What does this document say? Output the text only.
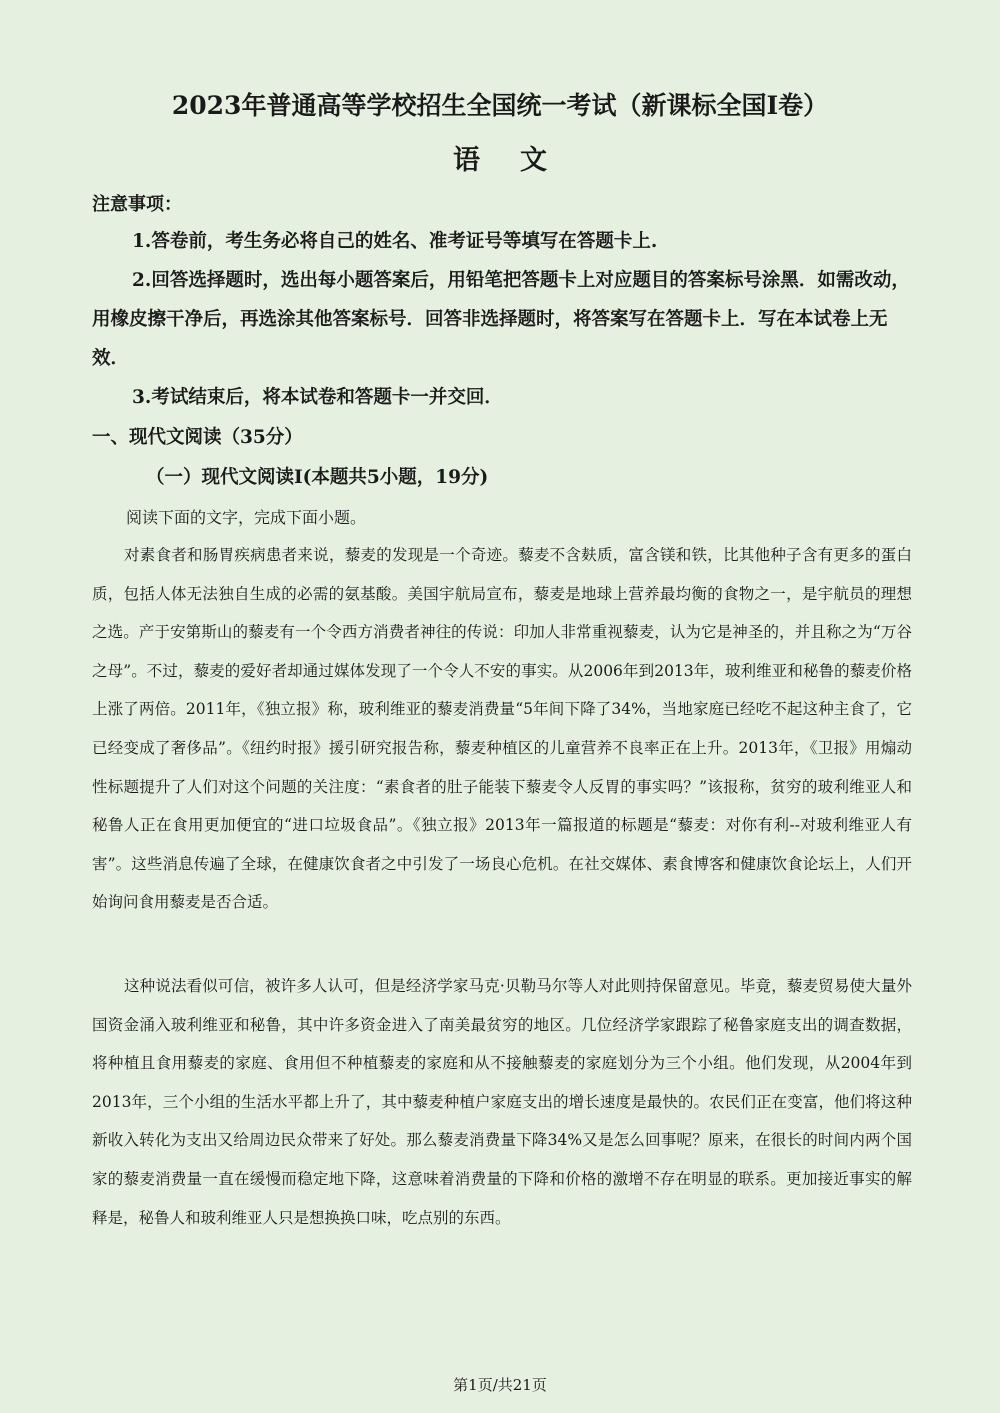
2023年普通高等学校招生全国统一考试（新课标全国Ⅰ卷）
语文
注意事项：

1.答卷前，考生务必将自己的姓名、准考证号等填写在答题卡上.

2.回答选择题时，选出每小题答案后，用铅笔把答题卡上对应题目的答案标号涂黑．如需改动，用橡皮擦干净后，再选涂其他答案标号．回答非选择题时，将答案写在答题卡上．写在本试卷上无效．

3.考试结束后，将本试卷和答题卡一并交回．

一、现代文阅读（35分）
（一）现代文阅读Ⅰ(本题共5小题，19分)
阅读下面的文字，完成下面小题。

对素食者和肠胃疾病患者来说，藜麦的发现是一个奇迹。藜麦不含麸质，富含镁和铁，比其他种子含有更多的蛋白质，包括人体无法独自生成的必需的氨基酸。美国宇航局宣布，藜麦是地球上营养最均衡的食物之一，是宇航员的理想之选。产于安第斯山的藜麦有一个令西方消费者神往的传说：印加人非常重视藜麦，认为它是神圣的，并且称之为“万谷之母”。不过，藜麦的爱好者却通过媒体发现了一个令人不安的事实。从2006年到2013年，玻利维亚和秘鲁的藜麦价格上涨了两倍。2011年，《独立报》称，玻利维亚的藜麦消费量“5年间下降了34%，当地家庭已经吃不起这种主食了，它已经变成了奢侈品”。《纽约时报》援引研究报告称，藜麦种植区的儿童营养不良率正在上升。2013年，《卫报》用煽动性标题提升了人们对这个问题的关注度：“素食者的肚子能装下藜麦令人反胃的事实吗？”该报称，贫穷的玻利维亚人和秘鲁人正在食用更加便宜的“进口垃圾食品”。《独立报》2013年一篇报道的标题是“藜麦：对你有利--对玻利维亚人有害”。这些消息传遍了全球，在健康饮食者之中引发了一场良心危机。在社交媒体、素食博客和健康饮食论坛上，人们开始询问食用藜麦是否合适。

这种说法看似可信，被许多人认可，但是经济学家马克·贝勒马尔等人对此则持保留意见。毕竟，藜麦贸易使大量外国资金涌入玻利维亚和秘鲁，其中许多资金进入了南美最贫穷的地区。几位经济学家跟踪了秘鲁家庭支出的调查数据，将种植且食用藜麦的家庭、食用但不种植藜麦的家庭和从不接触藜麦的家庭划分为三个小组。他们发现，从2004年到2013年，三个小组的生活水平都上升了，其中藜麦种植户家庭支出的增长速度是最快的。农民们正在变富，他们将这种新收入转化为支出又给周边民众带来了好处。那么藜麦消费量下降34%又是怎么回事呢？原来，在很长的时间内两个国家的藜麦消费量一直在缓慢而稳定地下降，这意味着消费量的下降和价格的激增不存在明显的联系。更加接近事实的解释是，秘鲁人和玻利维亚人只是想换换口味，吃点别的东西。

第1页/共21页
